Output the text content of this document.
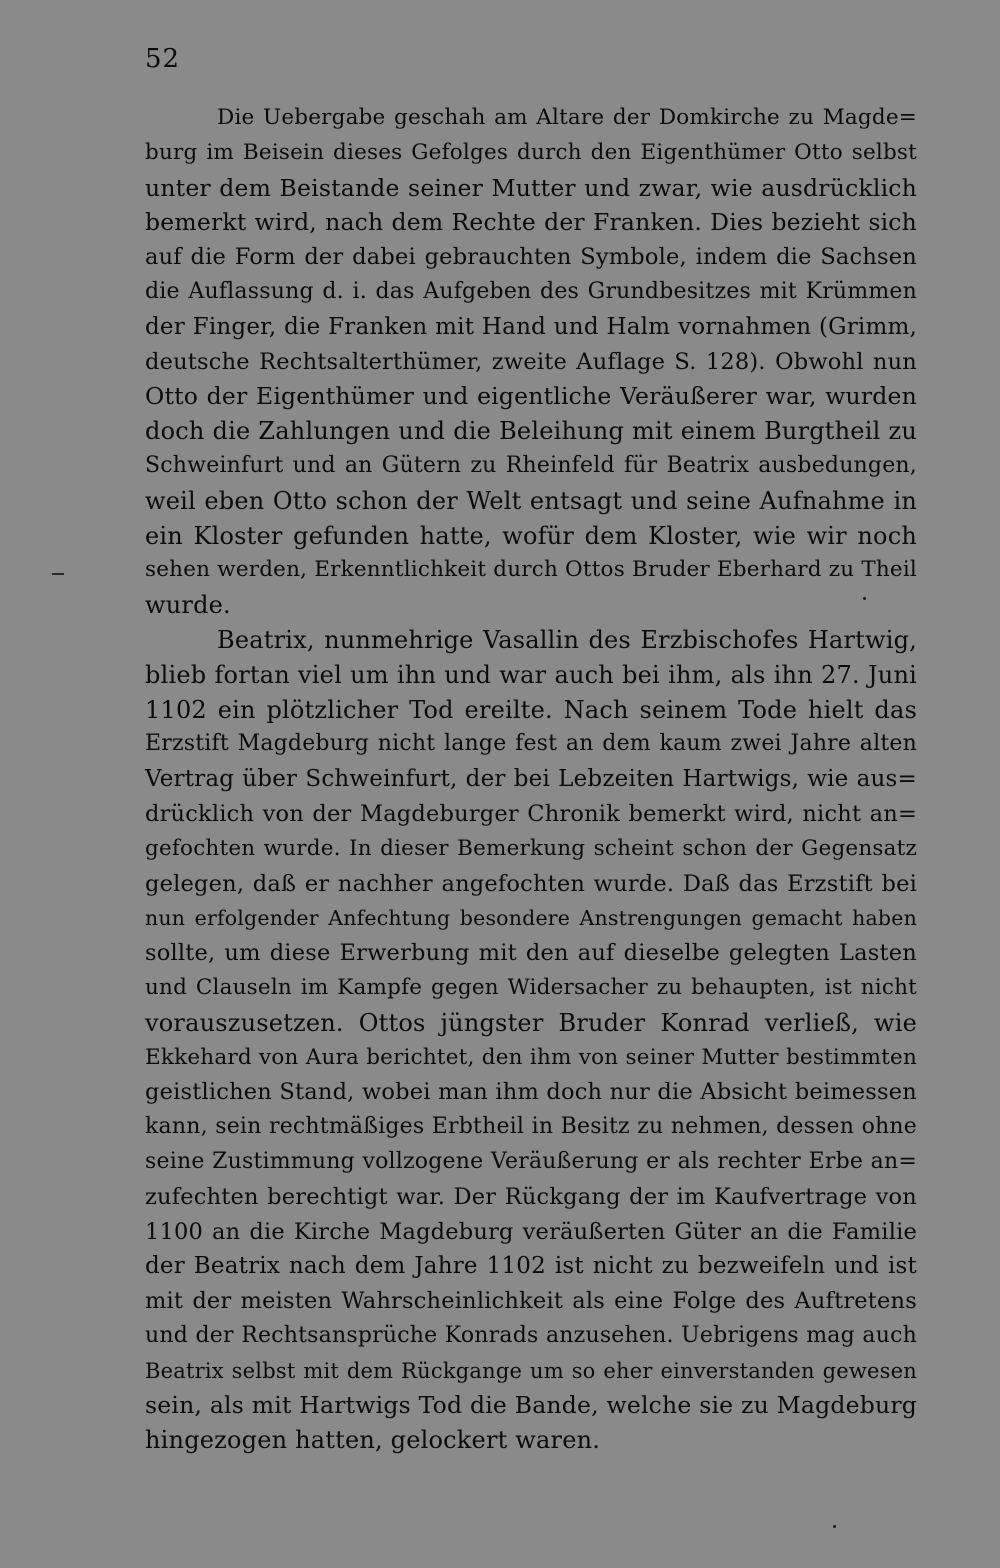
52
Die Uebergabe geschah am Altare der Domkirche zu Magde=
burg im Beisein dieses Gefolges durch den Eigenthümer Otto selbst
unter dem Beistande seiner Mutter und zwar, wie ausdrücklich
bemerkt wird, nach dem Rechte der Franken. Dies bezieht sich
auf die Form der dabei gebrauchten Symbole, indem die Sachsen
die Auflassung d. i. das Aufgeben des Grundbesitzes mit Krümmen
der Finger, die Franken mit Hand und Halm vornahmen (Grimm,
deutsche Rechtsalterthümer, zweite Auflage S. 128). Obwohl nun
Otto der Eigenthümer und eigentliche Veräußerer war, wurden
doch die Zahlungen und die Beleihung mit einem Burgtheil zu
Schweinfurt und an Gütern zu Rheinfeld für Beatrix ausbedungen,
weil eben Otto schon der Welt entsagt und seine Aufnahme in
ein Kloster gefunden hatte, wofür dem Kloster, wie wir noch
sehen werden, Erkenntlichkeit durch Ottos Bruder Eberhard zu Theil
wurde.
Beatrix, nunmehrige Vasallin des Erzbischofes Hartwig,
blieb fortan viel um ihn und war auch bei ihm, als ihn 27. Juni
1102 ein plötzlicher Tod ereilte. Nach seinem Tode hielt das
Erzstift Magdeburg nicht lange fest an dem kaum zwei Jahre alten
Vertrag über Schweinfurt, der bei Lebzeiten Hartwigs, wie aus=
drücklich von der Magdeburger Chronik bemerkt wird, nicht an=
gefochten wurde. In dieser Bemerkung scheint schon der Gegensatz
gelegen, daß er nachher angefochten wurde. Daß das Erzstift bei
nun erfolgender Anfechtung besondere Anstrengungen gemacht haben
sollte, um diese Erwerbung mit den auf dieselbe gelegten Lasten
und Clauseln im Kampfe gegen Widersacher zu behaupten, ist nicht
vorauszusetzen. Ottos jüngster Bruder Konrad verließ, wie
Ekkehard von Aura berichtet, den ihm von seiner Mutter bestimmten
geistlichen Stand, wobei man ihm doch nur die Absicht beimessen
kann, sein rechtmäßiges Erbtheil in Besitz zu nehmen, dessen ohne
seine Zustimmung vollzogene Veräußerung er als rechter Erbe an=
zufechten berechtigt war. Der Rückgang der im Kaufvertrage von
1100 an die Kirche Magdeburg veräußerten Güter an die Familie
der Beatrix nach dem Jahre 1102 ist nicht zu bezweifeln und ist
mit der meisten Wahrscheinlichkeit als eine Folge des Auftretens
und der Rechtsansprüche Konrads anzusehen. Uebrigens mag auch
Beatrix selbst mit dem Rückgange um so eher einverstanden gewesen
sein, als mit Hartwigs Tod die Bande, welche sie zu Magdeburg
hingezogen hatten, gelockert waren.
